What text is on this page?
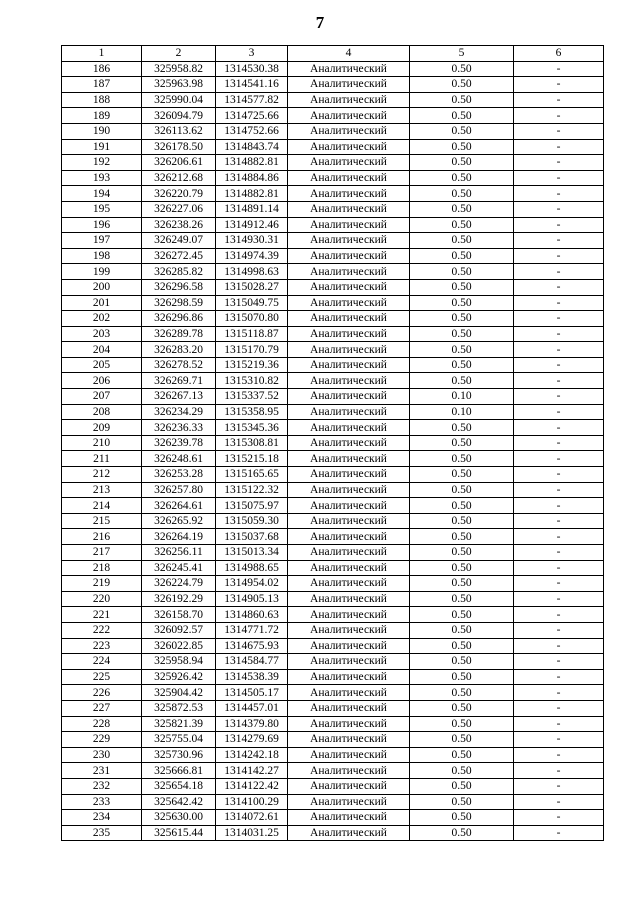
7
1	2	3	4	5	6
186	325958.82	1314530.38	Аналитический	0.50	-
187	325963.98	1314541.16	Аналитический	0.50	-
188	325990.04	1314577.82	Аналитический	0.50	-
189	326094.79	1314725.66	Аналитический	0.50	-
190	326113.62	1314752.66	Аналитический	0.50	-
191	326178.50	1314843.74	Аналитический	0.50	-
192	326206.61	1314882.81	Аналитический	0.50	-
193	326212.68	1314884.86	Аналитический	0.50	-
194	326220.79	1314882.81	Аналитический	0.50	-
195	326227.06	1314891.14	Аналитический	0.50	-
196	326238.26	1314912.46	Аналитический	0.50	-
197	326249.07	1314930.31	Аналитический	0.50	-
198	326272.45	1314974.39	Аналитический	0.50	-
199	326285.82	1314998.63	Аналитический	0.50	-
200	326296.58	1315028.27	Аналитический	0.50	-
201	326298.59	1315049.75	Аналитический	0.50	-
202	326296.86	1315070.80	Аналитический	0.50	-
203	326289.78	1315118.87	Аналитический	0.50	-
204	326283.20	1315170.79	Аналитический	0.50	-
205	326278.52	1315219.36	Аналитический	0.50	-
206	326269.71	1315310.82	Аналитический	0.50	-
207	326267.13	1315337.52	Аналитический	0.10	-
208	326234.29	1315358.95	Аналитический	0.10	-
209	326236.33	1315345.36	Аналитический	0.50	-
210	326239.78	1315308.81	Аналитический	0.50	-
211	326248.61	1315215.18	Аналитический	0.50	-
212	326253.28	1315165.65	Аналитический	0.50	-
213	326257.80	1315122.32	Аналитический	0.50	-
214	326264.61	1315075.97	Аналитический	0.50	-
215	326265.92	1315059.30	Аналитический	0.50	-
216	326264.19	1315037.68	Аналитический	0.50	-
217	326256.11	1315013.34	Аналитический	0.50	-
218	326245.41	1314988.65	Аналитический	0.50	-
219	326224.79	1314954.02	Аналитический	0.50	-
220	326192.29	1314905.13	Аналитический	0.50	-
221	326158.70	1314860.63	Аналитический	0.50	-
222	326092.57	1314771.72	Аналитический	0.50	-
223	326022.85	1314675.93	Аналитический	0.50	-
224	325958.94	1314584.77	Аналитический	0.50	-
225	325926.42	1314538.39	Аналитический	0.50	-
226	325904.42	1314505.17	Аналитический	0.50	-
227	325872.53	1314457.01	Аналитический	0.50	-
228	325821.39	1314379.80	Аналитический	0.50	-
229	325755.04	1314279.69	Аналитический	0.50	-
230	325730.96	1314242.18	Аналитический	0.50	-
231	325666.81	1314142.27	Аналитический	0.50	-
232	325654.18	1314122.42	Аналитический	0.50	-
233	325642.42	1314100.29	Аналитический	0.50	-
234	325630.00	1314072.61	Аналитический	0.50	-
235	325615.44	1314031.25	Аналитический	0.50	-
